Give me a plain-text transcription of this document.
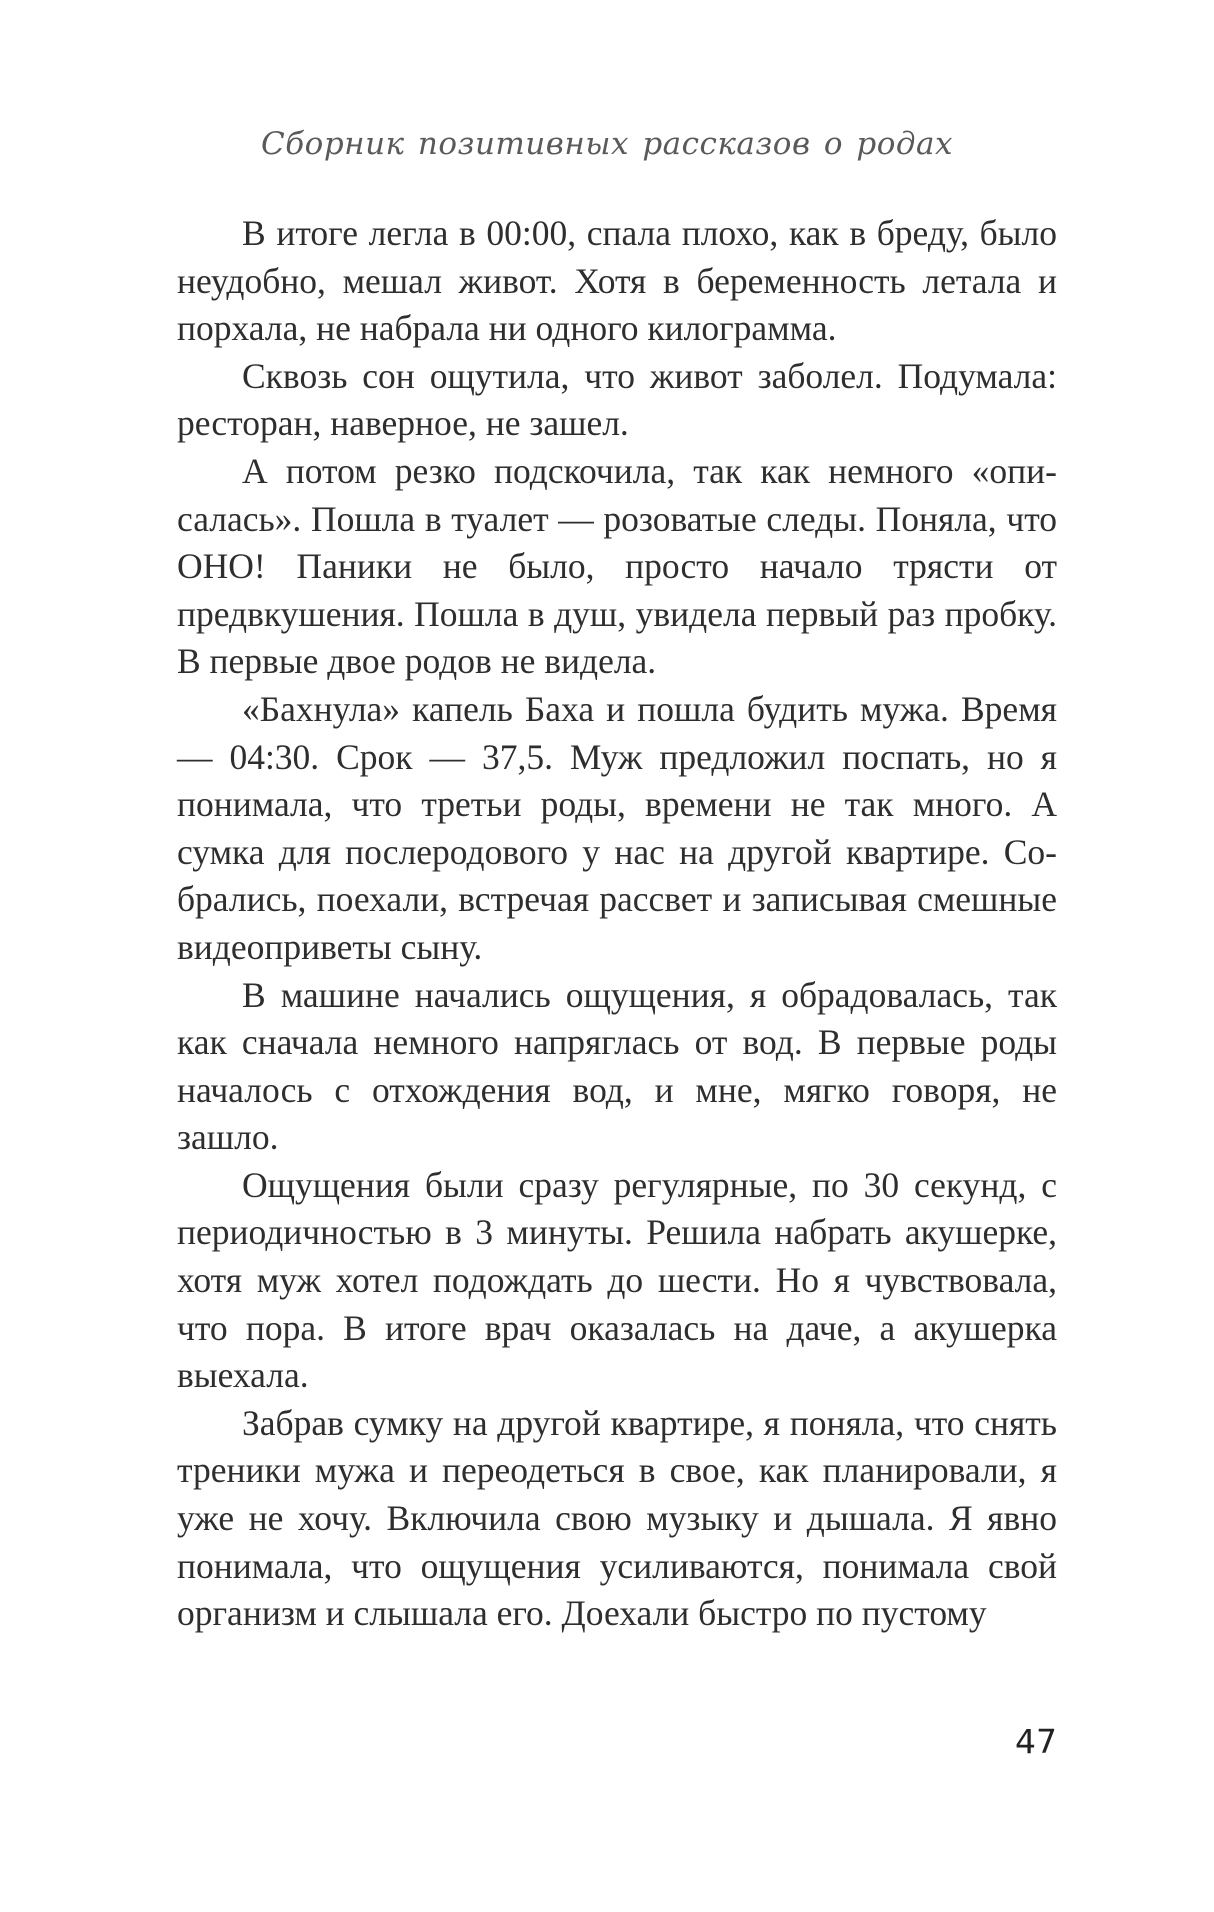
Сборник позитивных рассказов о родах

В итоге легла в 00:00, спала плохо, как в бреду, было неудобно, мешал живот. Хотя в беременность летала и порхала, не набрала ни одного килограмма.

Сквозь сон ощутила, что живот заболел. Подумала: ресторан, наверное, не зашел.

А потом резко подскочила, так как немного «описалась». Пошла в туалет — розоватые следы. Поняла, что ОНО! Паники не было, просто начало трясти от предвкушения. Пошла в душ, увидела первый раз пробку. В первые двое родов не видела.

«Бахнула» капель Баха и пошла будить мужа. Время — 04:30. Срок — 37,5. Муж предложил поспать, но я понимала, что третьи роды, времени не так много. А сумка для послеродового у нас на другой квартире. Собрались, поехали, встречая рассвет и записывая смешные видеоприветы сыну.

В машине начались ощущения, я обрадовалась, так как сначала немного напряглась от вод. В первые роды началось с отхождения вод, и мне, мягко говоря, не зашло.

Ощущения были сразу регулярные, по 30 секунд, с периодичностью в 3 минуты. Решила набрать акушерке, хотя муж хотел подождать до шести. Но я чувствовала, что пора. В итоге врач оказалась на даче, а акушерка выехала.

Забрав сумку на другой квартире, я поняла, что снять треники мужа и переодеться в свое, как планировали, я уже не хочу. Включила свою музыку и дышала. Я явно понимала, что ощущения усиливаются, понимала свой организм и слышала его. Доехали быстро по пустому

47
